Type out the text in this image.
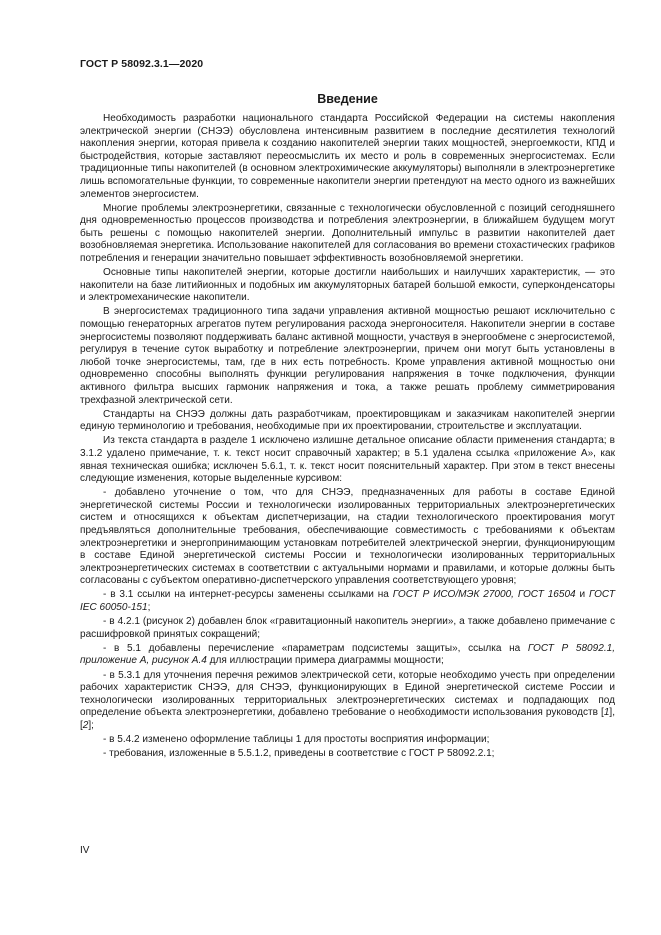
ГОСТ Р 58092.3.1—2020
Введение

Необходимость разработки национального стандарта Российской Федерации на системы накопления электрической энергии (СНЭЭ) обусловлена интенсивным развитием в последние десятилетия технологий накопления энергии, которая привела к созданию накопителей энергии таких мощностей, энергоемкости, КПД и быстродействия, которые заставляют переосмыслить их место и роль в современных энергосистемах. Если традиционные типы накопителей (в основном электрохимические аккумуляторы) выполняли в электроэнергетике лишь вспомогательные функции, то современные накопители энергии претендуют на место одного из важнейших элементов энергосистем.

Многие проблемы электроэнергетики, связанные с технологически обусловленной с позиций сегодняшнего дня одновременностью процессов производства и потребления электроэнергии, в ближайшем будущем могут быть решены с помощью накопителей энергии. Дополнительный импульс в развитии накопителей дает возобновляемая энергетика. Использование накопителей для согласования во времени стохастических графиков потребления и генерации значительно повышает эффективность возобновляемой энергетики.

Основные типы накопителей энергии, которые достигли наибольших и наилучших характеристик, — это накопители на базе литийионных и подобных им аккумуляторных батарей большой емкости, суперконденсаторы и электромеханические накопители.

В энергосистемах традиционного типа задачи управления активной мощностью решают исключительно с помощью генераторных агрегатов путем регулирования расхода энергоносителя. Накопители энергии в составе энергосистемы позволяют поддерживать баланс активной мощности, участвуя в энергообмене с энергосистемой, регулируя в течение суток выработку и потребление электроэнергии, причем они могут быть установлены в любой точке энергосистемы, там, где в них есть потребность. Кроме управления активной мощностью они одновременно способны выполнять функции регулирования напряжения в точке подключения, функции активного фильтра высших гармоник напряжения и тока, а также решать проблему симметрирования трехфазной электрической сети.

Стандарты на СНЭЭ должны дать разработчикам, проектировщикам и заказчикам накопителей энергии единую терминологию и требования, необходимые при их проектировании, строительстве и эксплуатации.

Из текста стандарта в разделе 1 исключено излишне детальное описание области применения стандарта; в 3.1.2 удалено примечание, т. к. текст носит справочный характер; в 5.1 удалена ссылка «приложение А», как явная техническая ошибка; исключен 5.6.1, т. к. текст носит пояснительный характер. При этом в текст внесены следующие изменения, которые выделенные курсивом:

- добавлено уточнение о том, что для СНЭЭ, предназначенных для работы в составе Единой энергетической системы России и технологически изолированных территориальных электроэнергетических систем и относящихся к объектам диспетчеризации, на стадии технологического проектирования могут предъявляться дополнительные требования, обеспечивающие совместимость с требованиями к объектам электроэнергетики и энергопринимающим установкам потребителей электрической энергии, функционирующим в составе Единой энергетической системы России и технологически изолированных территориальных электроэнергетических системах в соответствии с актуальными нормами и правилами, и которые должны быть согласованы с субъектом оперативно-диспетчерского управления соответствующего уровня;

- в 3.1 ссылки на интернет-ресурсы заменены ссылками на ГОСТ Р ИСО/МЭК 27000, ГОСТ 16504 и ГОСТ IEC 60050-151;

- в 4.2.1 (рисунок 2) добавлен блок «гравитационный накопитель энергии», а также добавлено примечание с расшифровкой принятых сокращений;

- в 5.1 добавлены перечисление «параметрам подсистемы защиты», ссылка на ГОСТ Р 58092.1, приложение А, рисунок А.4 для иллюстрации примера диаграммы мощности;

- в 5.3.1 для уточнения перечня режимов электрической сети, которые необходимо учесть при определении рабочих характеристик СНЭЭ, для СНЭЭ, функционирующих в Единой энергетической системе России и технологически изолированных территориальных электроэнергетических системах и подпадающих под определение объекта электроэнергетики, добавлено требование о необходимости использования руководств [1], [2];

- в 5.4.2 изменено оформление таблицы 1 для простоты восприятия информации;

- требования, изложенные в 5.5.1.2, приведены в соответствие с ГОСТ Р 58092.2.1;

IV
